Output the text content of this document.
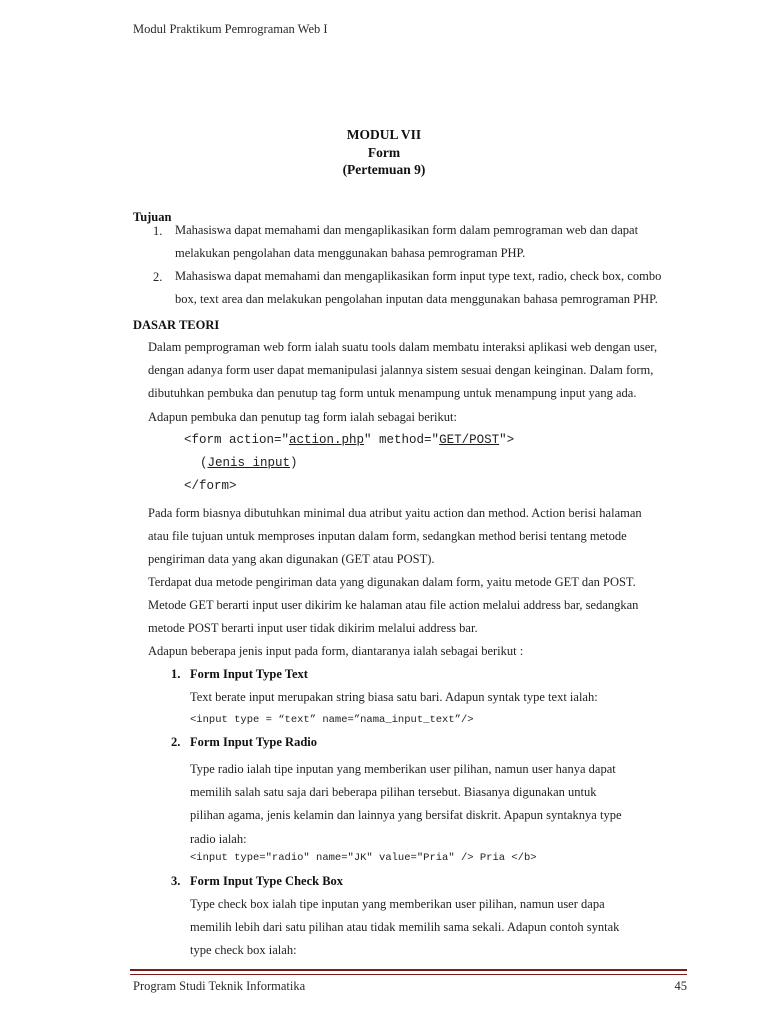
Modul Praktikum Pemrograman Web I
MODUL VII
Form
(Pertemuan 9)
Tujuan
1. Mahasiswa dapat memahami dan mengaplikasikan form dalam pemrograman web dan dapat
melakukan pengolahan data menggunakan bahasa pemrograman PHP.
2. Mahasiswa dapat memahami dan mengaplikasikan form input type text, radio, check box, combo
box, text area dan melakukan pengolahan inputan data menggunakan bahasa pemrograman PHP.
DASAR TEORI
Dalam pemprograman web form ialah suatu tools dalam membatu interaksi aplikasi web dengan user,
dengan adanya form user dapat memanipulasi jalannya sistem sesuai dengan keinginan. Dalam form,
dibutuhkan pembuka dan penutup tag form untuk menampung untuk menampung input yang ada.
Adapun pembuka dan penutup tag form ialah sebagai berikut:
<form action="action.php" method="GET/POST">
(Jenis input)
</form>
Pada form biasnya dibutuhkan minimal dua atribut yaitu action dan method. Action berisi halaman
atau file tujuan untuk memproses inputan dalam form, sedangkan method berisi tentang metode
pengiriman data yang akan digunakan (GET atau POST).
Terdapat dua metode pengiriman data yang digunakan dalam form, yaitu metode GET dan POST.
Metode GET berarti input user dikirim ke halaman atau file action melalui address bar, sedangkan
metode POST berarti input user tidak dikirim melalui address bar.
Adapun beberapa jenis input pada form, diantaranya ialah sebagai berikut :
1. Form Input Type Text
Text berate input merupakan string biasa satu bari. Adapun syntak type text ialah:
<input type = “text” name=”nama_input_text”/>
2. Form Input Type Radio
Type radio ialah tipe inputan yang memberikan user pilihan, namun user hanya dapat
memilih salah satu saja dari beberapa pilihan tersebut. Biasanya digunakan untuk
pilihan agama, jenis kelamin dan lainnya yang bersifat diskrit. Apapun syntaknya type
radio ialah:
<input type="radio" name="JK" value="Pria" /> Pria </b>
3. Form Input Type Check Box
Type check box ialah tipe inputan yang memberikan user pilihan, namun user dapa
memilih lebih dari satu pilihan atau tidak memilih sama sekali. Adapun contoh syntak
type check box ialah:
Program Studi Teknik Informatika	45
